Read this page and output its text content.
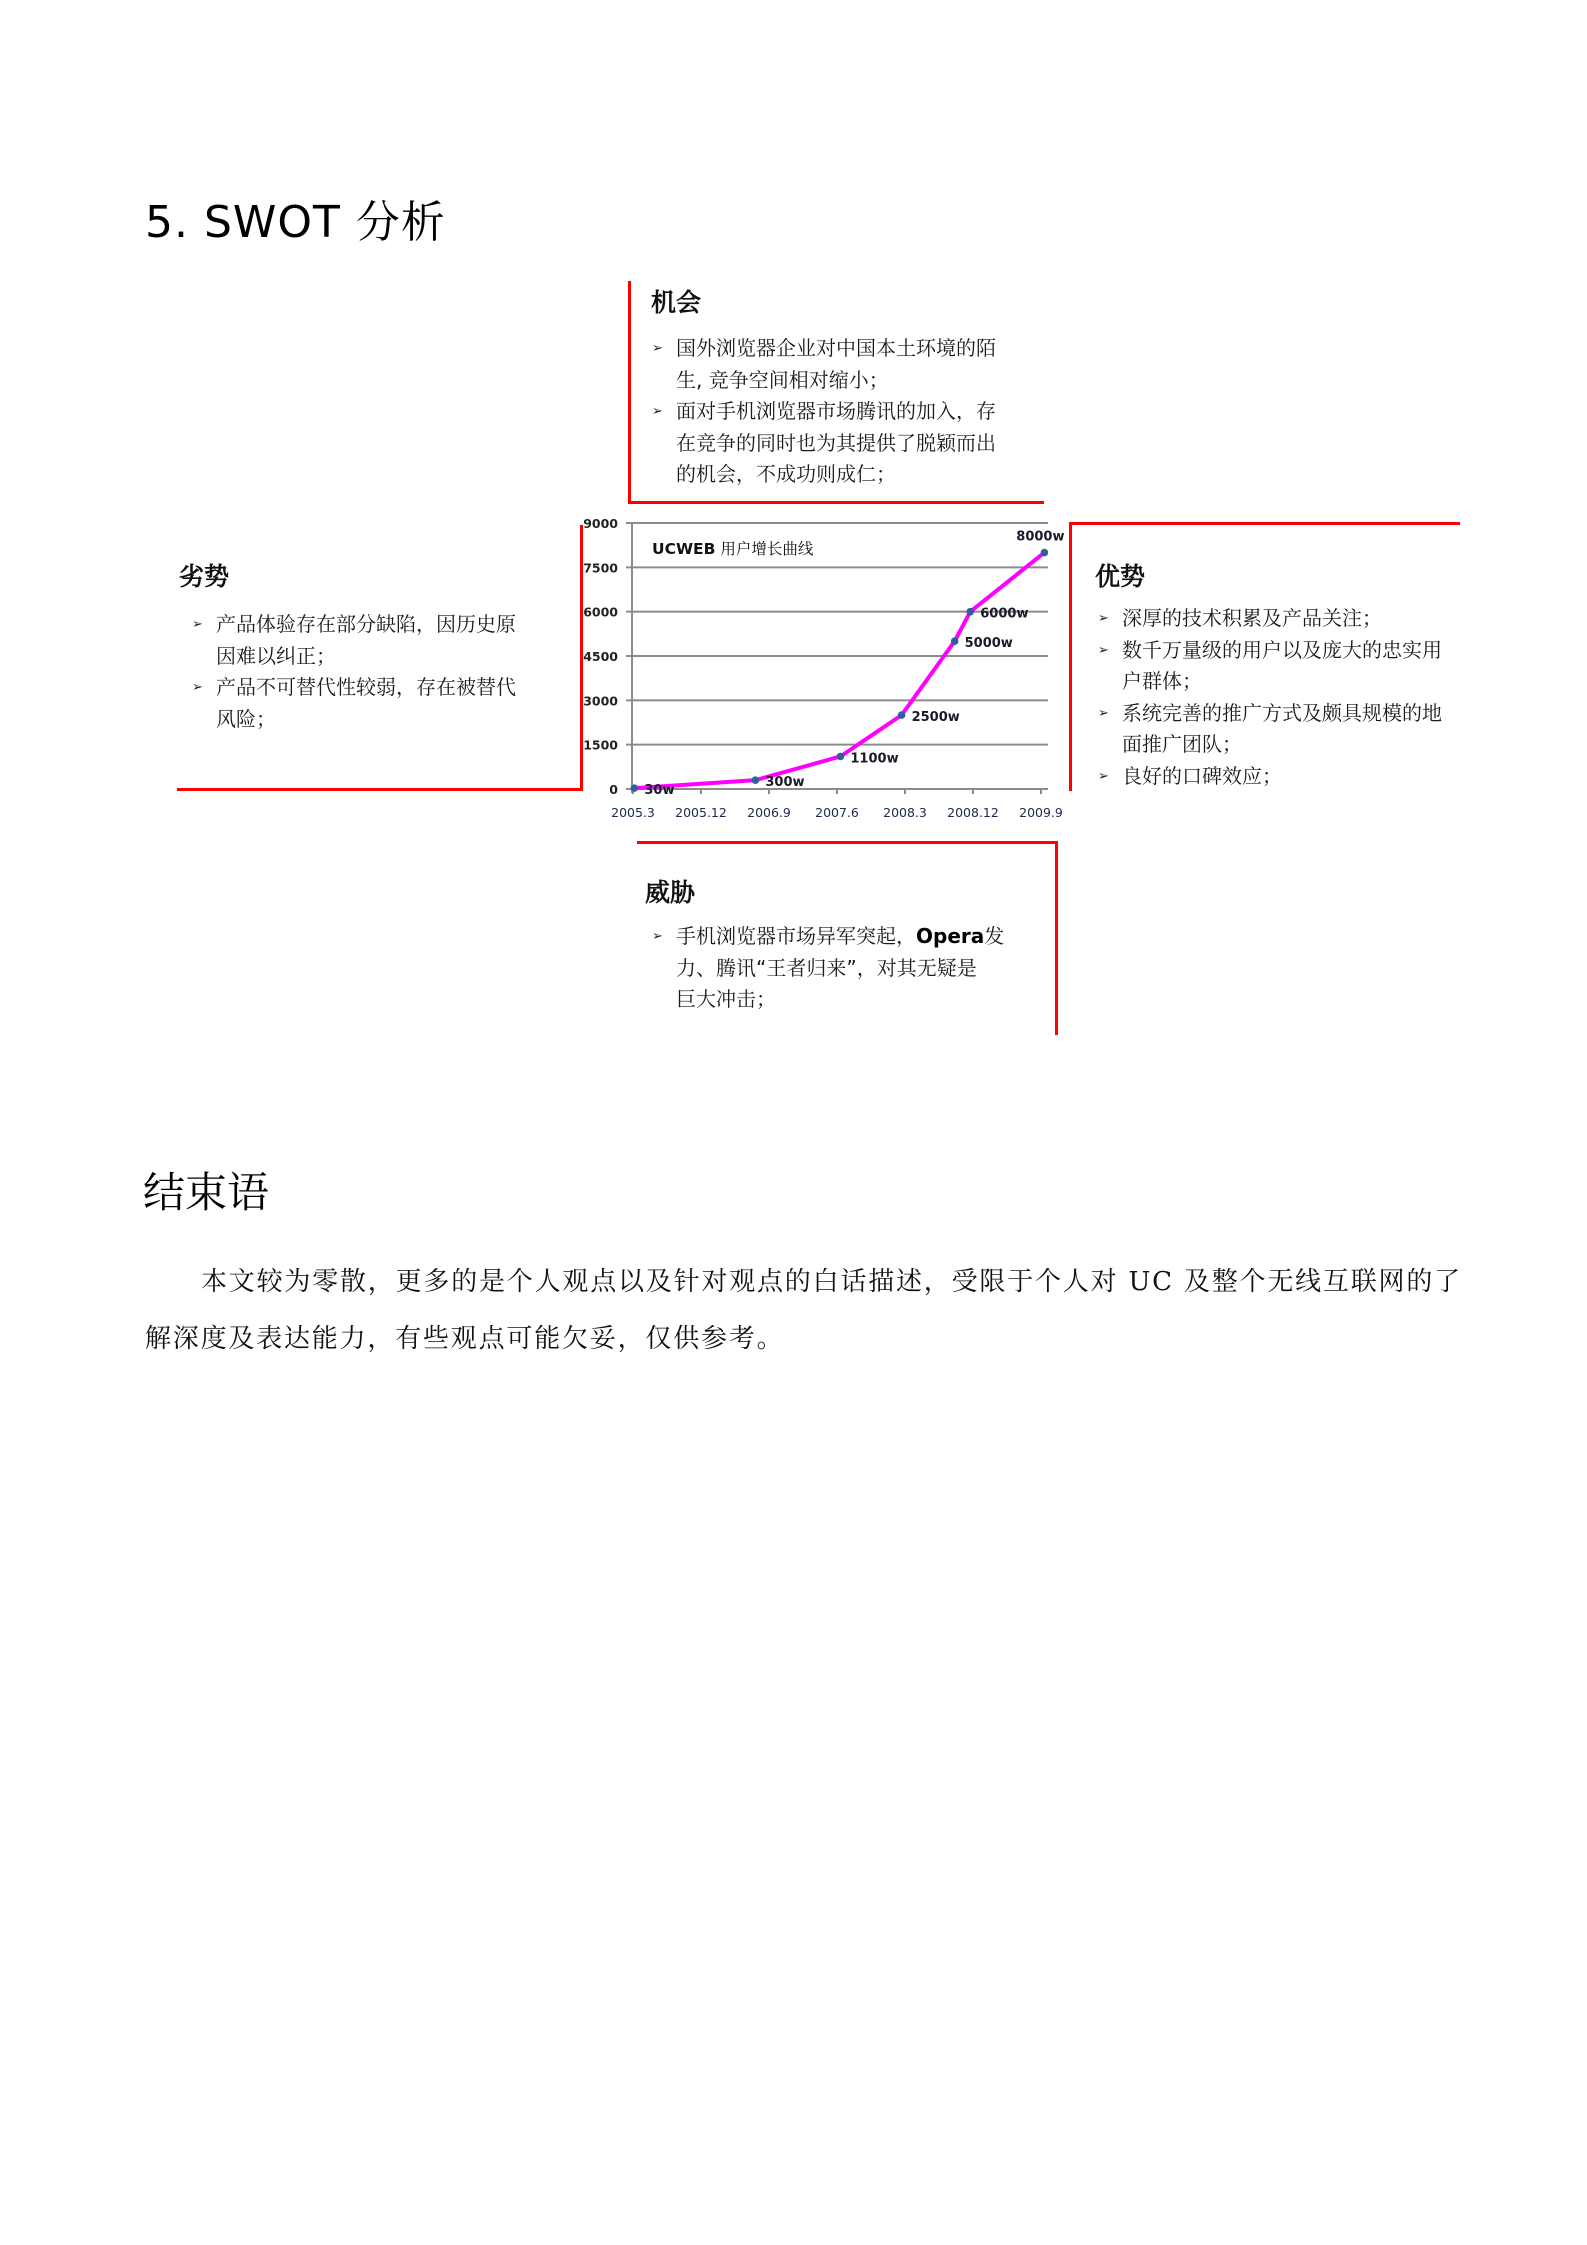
5. SWOT 分析
机会
➢ 国外浏览器企业对中国本土环境的陌
生, 竞争空间相对缩小；
➢ 面对手机浏览器市场腾讯的加入，存
在竞争的同时也为其提供了脱颖而出
的机会，不成功则成仁；
劣势
➢ 产品体验存在部分缺陷，因历史原
因难以纠正；
➢ 产品不可替代性较弱，存在被替代
风险；
优势
➢ 深厚的技术积累及产品关注；
➢ 数千万量级的用户以及庞大的忠实用
户群体；
➢ 系统完善的推广方式及颇具规模的地
面推广团队；
➢ 良好的口碑效应；
威胁
➢ 手机浏览器市场异军突起，Opera发
力、腾讯“王者归来”，对其无疑是
巨大冲击；
0
1500
3000
4500
6000
7500
9000
2005.3 2005.12 2006.9 2007.6 2008.3 2008.12 2009.9
UCWEB 用户增长曲线
30w
300w
1100w
2500w
5000w
6000w
8000w
结束语

本文较为零散，更多的是个人观点以及针对观点的白话描述，受限于个人对 UC 及整个无线互联网的了解深度及表达能力，有些观点可能欠妥，仅供参考。
